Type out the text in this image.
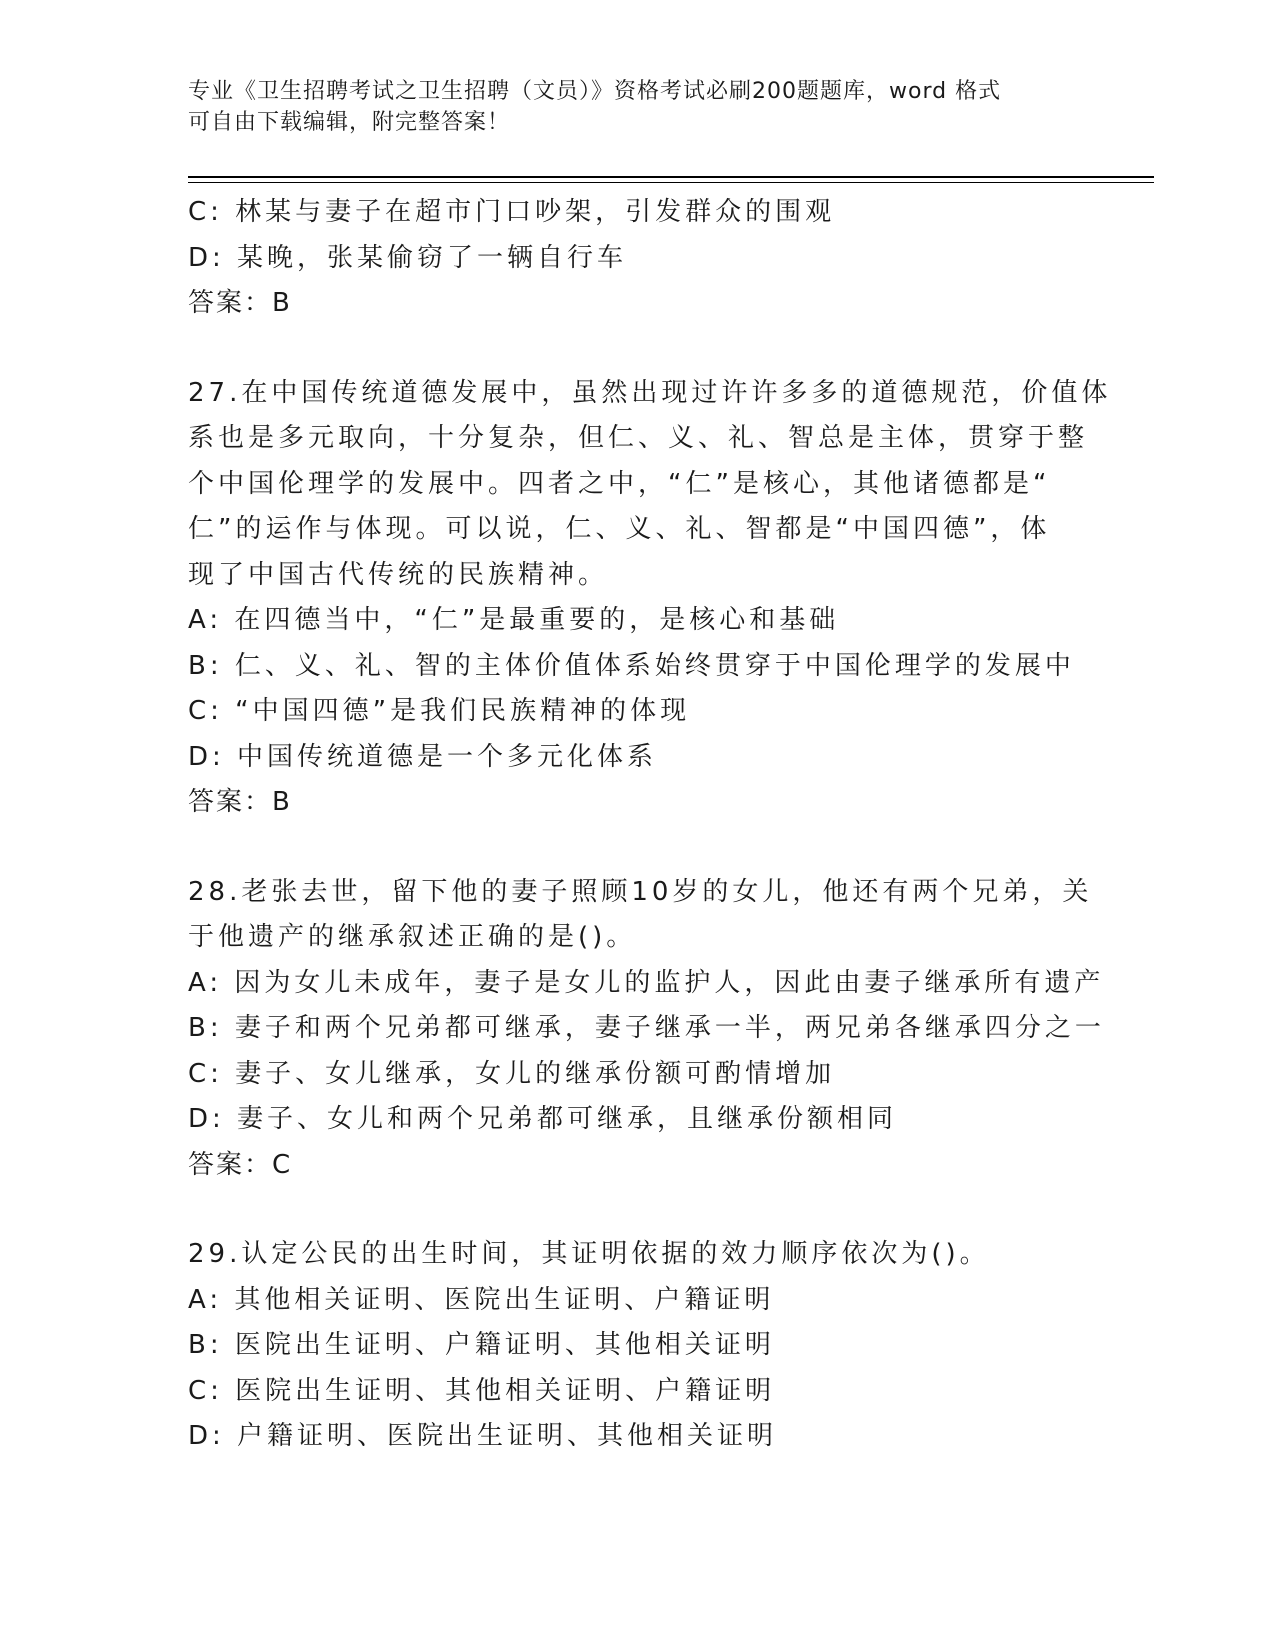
专业《卫生招聘考试之卫生招聘（文员）》资格考试必刷200题题库，word 格式
可自由下载编辑，附完整答案！
C: 林某与妻子在超市门口吵架，引发群众的围观
D: 某晚，张某偷窃了一辆自行车
答案：B
27.在中国传统道德发展中，虽然出现过许许多多的道德规范，价值体
系也是多元取向，十分复杂，但仁、义、礼、智总是主体，贯穿于整
个中国伦理学的发展中。四者之中，“仁”是核心，其他诸德都是“
仁”的运作与体现。可以说，仁、义、礼、智都是“中国四德”，体
现了中国古代传统的民族精神。
A: 在四德当中，“仁”是最重要的，是核心和基础
B: 仁、义、礼、智的主体价值体系始终贯穿于中国伦理学的发展中
C: “中国四德”是我们民族精神的体现
D: 中国传统道德是一个多元化体系
答案：B
28.老张去世，留下他的妻子照顾10岁的女儿，他还有两个兄弟，关
于他遗产的继承叙述正确的是()。
A: 因为女儿未成年，妻子是女儿的监护人，因此由妻子继承所有遗产
B: 妻子和两个兄弟都可继承，妻子继承一半，两兄弟各继承四分之一
C: 妻子、女儿继承，女儿的继承份额可酌情增加
D: 妻子、女儿和两个兄弟都可继承，且继承份额相同
答案：C
29.认定公民的出生时间，其证明依据的效力顺序依次为()。
A: 其他相关证明、医院出生证明、户籍证明
B: 医院出生证明、户籍证明、其他相关证明
C: 医院出生证明、其他相关证明、户籍证明
D: 户籍证明、医院出生证明、其他相关证明
